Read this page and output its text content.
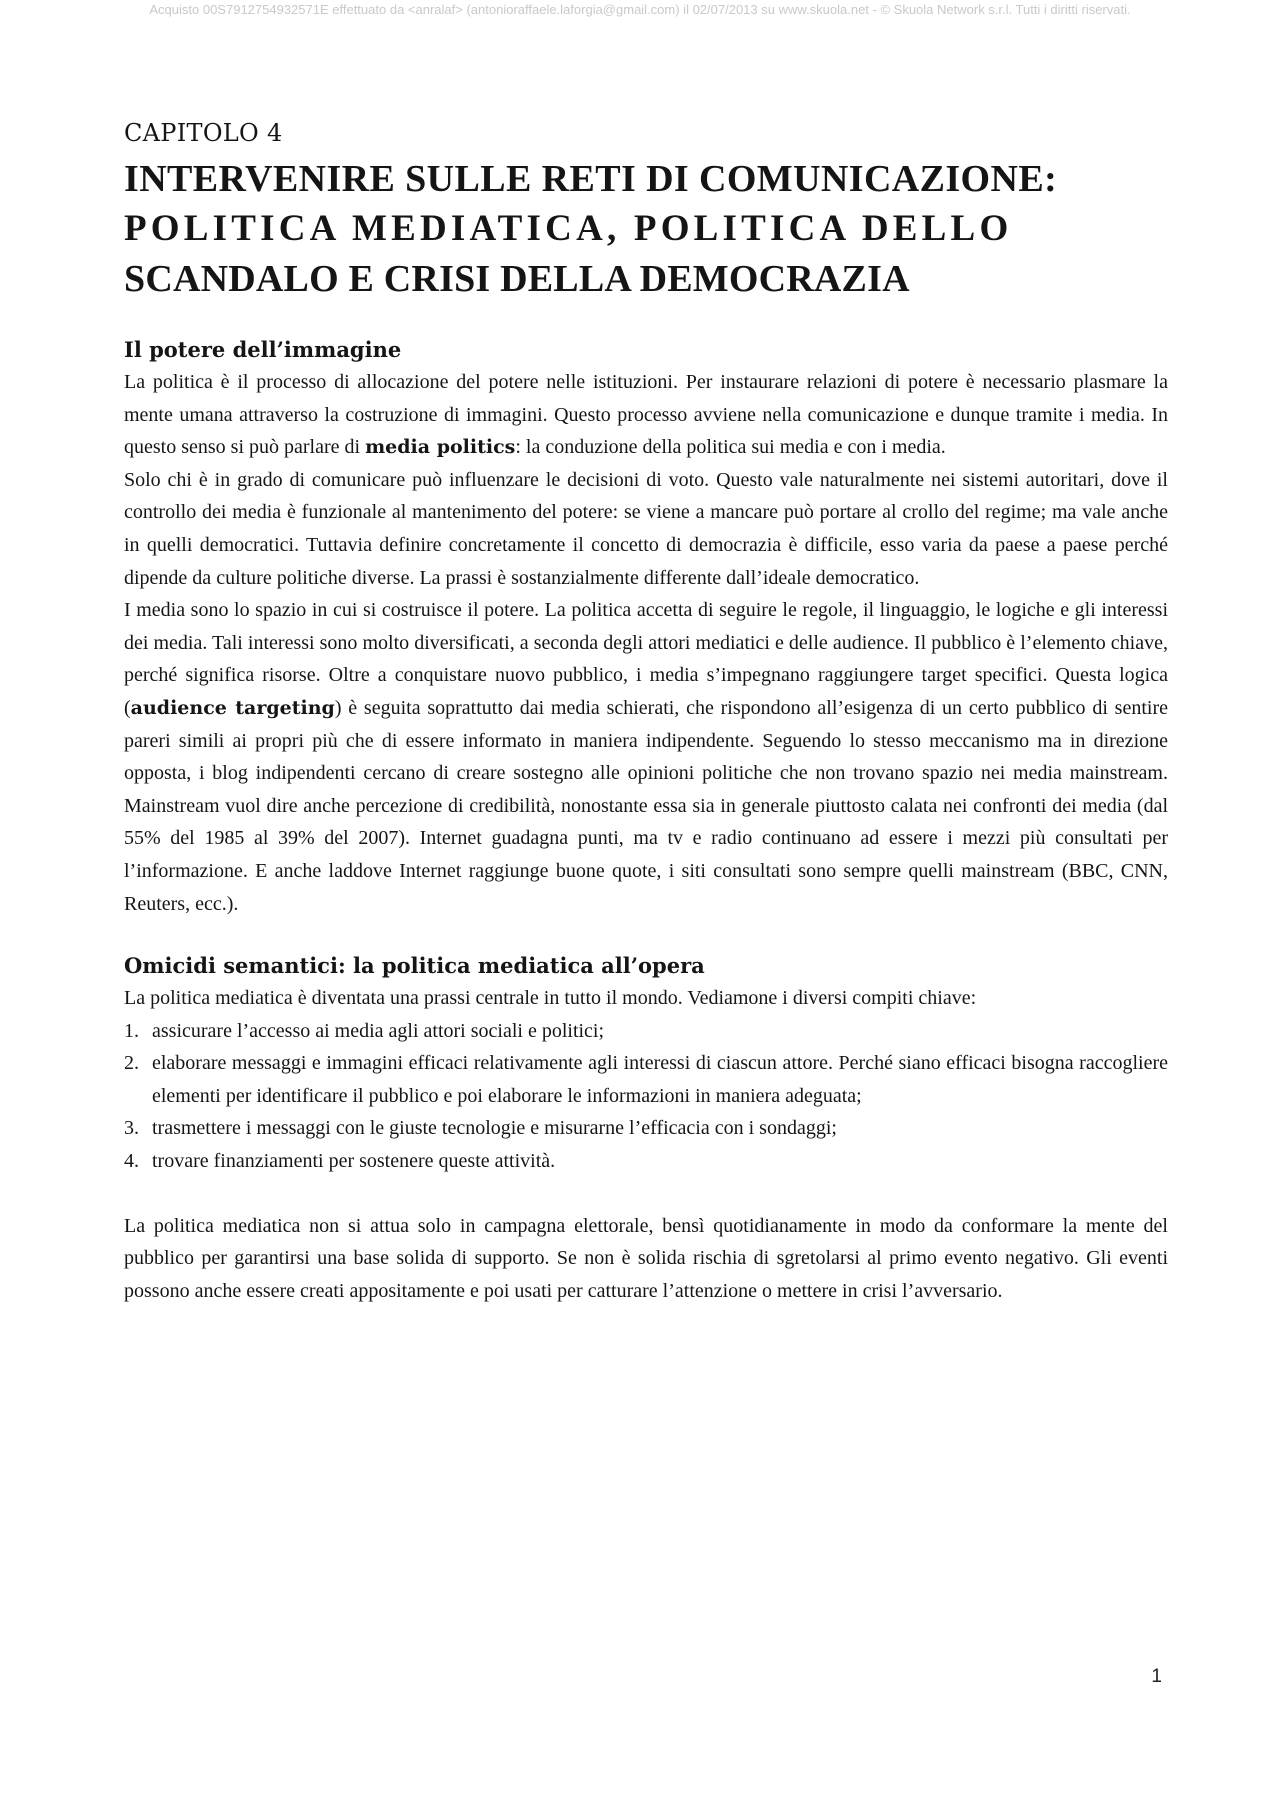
Acquisto 00S7912754932571E effettuato da <anralaf> (antonioraffaele.laforgia@gmail.com) il 02/07/2013 su www.skuola.net - © Skuola Network s.r.l. Tutti i diritti riservati.
CAPITOLO 4
INTERVENIRE SULLE RETI DI COMUNICAZIONE:
POLITICA MEDIATICA, POLITICA DELLO
SCANDALO E CRISI DELLA DEMOCRAZIA
Il potere dell’immagine

La politica è il processo di allocazione del potere nelle istituzioni. Per instaurare relazioni di potere è necessario plasmare la mente umana attraverso la costruzione di immagini. Questo processo avviene nella comunicazione e dunque tramite i media. In questo senso si può parlare di media politics: la conduzione della politica sui media e con i media.

Solo chi è in grado di comunicare può influenzare le decisioni di voto. Questo vale naturalmente nei sistemi autoritari, dove il controllo dei media è funzionale al mantenimento del potere: se viene a mancare può portare al crollo del regime; ma vale anche in quelli democratici. Tuttavia definire concretamente il concetto di democrazia è difficile, esso varia da paese a paese perché dipende da culture politiche diverse. La prassi è sostanzialmente differente dall’ideale democratico.

I media sono lo spazio in cui si costruisce il potere. La politica accetta di seguire le regole, il linguaggio, le logiche e gli interessi dei media. Tali interessi sono molto diversificati, a seconda degli attori mediatici e delle audience. Il pubblico è l’elemento chiave, perché significa risorse. Oltre a conquistare nuovo pubblico, i media s’impegnano raggiungere target specifici. Questa logica (audience targeting) è seguita soprattutto dai media schierati, che rispondono all’esigenza di un certo pubblico di sentire pareri simili ai propri più che di essere informato in maniera indipendente. Seguendo lo stesso meccanismo ma in direzione opposta, i blog indipendenti cercano di creare sostegno alle opinioni politiche che non trovano spazio nei media mainstream. Mainstream vuol dire anche percezione di credibilità, nonostante essa sia in generale piuttosto calata nei confronti dei media (dal 55% del 1985 al 39% del 2007). Internet guadagna punti, ma tv e radio continuano ad essere i mezzi più consultati per l’informazione. E anche laddove Internet raggiunge buone quote, i siti consultati sono sempre quelli mainstream (BBC, CNN, Reuters, ecc.).

Omicidi semantici: la politica mediatica all’opera

La politica mediatica è diventata una prassi centrale in tutto il mondo. Vediamone i diversi compiti chiave:

1. assicurare l’accesso ai media agli attori sociali e politici;
2. elaborare messaggi e immagini efficaci relativamente agli interessi di ciascun attore. Perché siano efficaci bisogna raccogliere elementi per identificare il pubblico e poi elaborare le informazioni in maniera adeguata;
3. trasmettere i messaggi con le giuste tecnologie e misurarne l’efficacia con i sondaggi;
4. trovare finanziamenti per sostenere queste attività.

La politica mediatica non si attua solo in campagna elettorale, bensì quotidianamente in modo da conformare la mente del pubblico per garantirsi una base solida di supporto. Se non è solida rischia di sgretolarsi al primo evento negativo. Gli eventi possono anche essere creati appositamente e poi usati per catturare l’attenzione o mettere in crisi l’avversario.

1
